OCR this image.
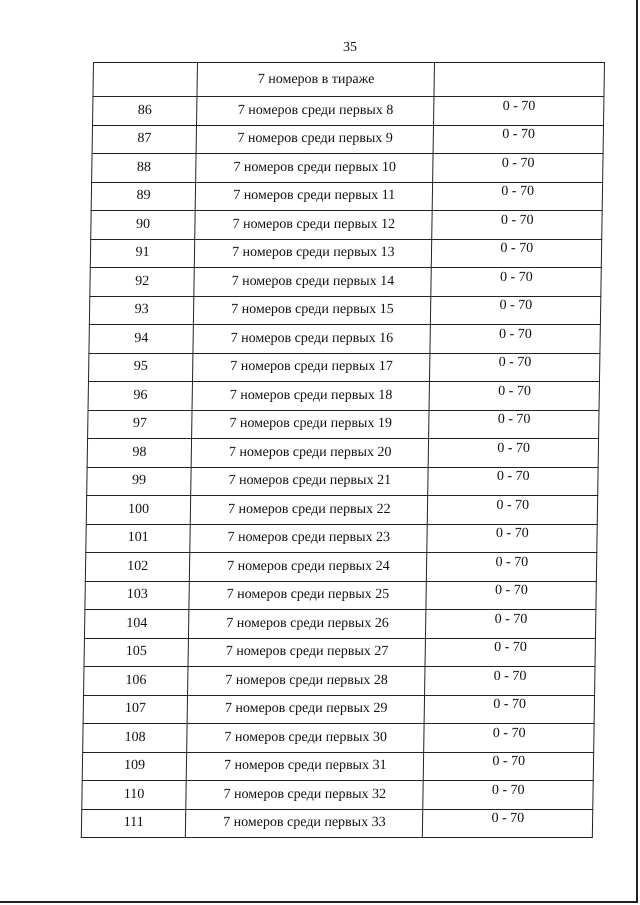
35
	7 номеров в тираже	
86	7 номеров среди первых 8	0 - 70
87	7 номеров среди первых 9	0 - 70
88	7 номеров среди первых 10	0 - 70
89	7 номеров среди первых 11	0 - 70
90	7 номеров среди первых 12	0 - 70
91	7 номеров среди первых 13	0 - 70
92	7 номеров среди первых 14	0 - 70
93	7 номеров среди первых 15	0 - 70
94	7 номеров среди первых 16	0 - 70
95	7 номеров среди первых 17	0 - 70
96	7 номеров среди первых 18	0 - 70
97	7 номеров среди первых 19	0 - 70
98	7 номеров среди первых 20	0 - 70
99	7 номеров среди первых 21	0 - 70
100	7 номеров среди первых 22	0 - 70
101	7 номеров среди первых 23	0 - 70
102	7 номеров среди первых 24	0 - 70
103	7 номеров среди первых 25	0 - 70
104	7 номеров среди первых 26	0 - 70
105	7 номеров среди первых 27	0 - 70
106	7 номеров среди первых 28	0 - 70
107	7 номеров среди первых 29	0 - 70
108	7 номеров среди первых 30	0 - 70
109	7 номеров среди первых 31	0 - 70
110	7 номеров среди первых 32	0 - 70
111	7 номеров среди первых 33	0 - 70
